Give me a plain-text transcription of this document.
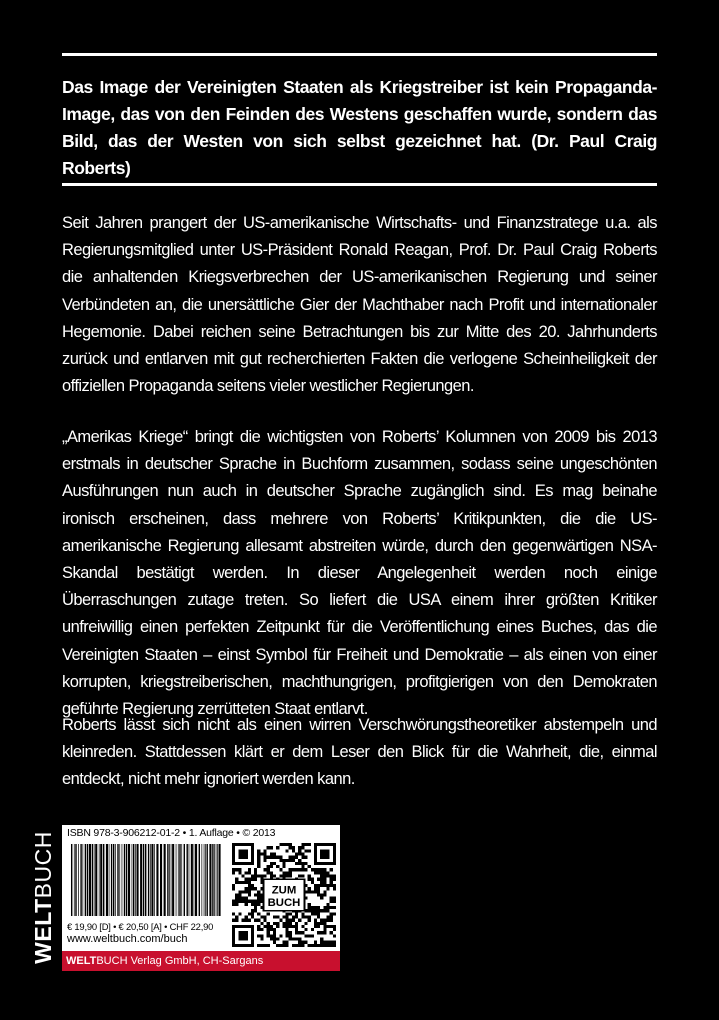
Das Image der Vereinigten Staaten als Kriegstreiber ist kein Propaganda-Image, das von den Feinden des Westens geschaffen wurde, sondern das Bild, das der Westen von sich selbst gezeichnet hat. (Dr. Paul Craig Roberts)
Seit Jahren prangert der US-amerikanische Wirtschafts- und Finanzstratege u.a. als Regierungsmitglied unter US-Präsident Ronald Reagan, Prof. Dr. Paul Craig Roberts die anhaltenden Kriegsverbrechen der US-amerikanischen Regierung und seiner Verbündeten an, die unersättliche Gier der Machthaber nach Profit und internationaler Hegemonie. Dabei reichen seine Betrachtungen bis zur Mitte des 20. Jahrhunderts zurück und entlarven mit gut recherchierten Fakten die verlogene Scheinheiligkeit der offiziellen Propaganda seitens vieler westlicher Regierungen.
„Amerikas Kriege“ bringt die wichtigsten von Roberts’ Kolumnen von 2009 bis 2013 erstmals in deutscher Sprache in Buchform zusammen, sodass seine ungeschönten Ausführungen nun auch in deutscher Sprache zugänglich sind. Es mag beinahe ironisch erscheinen, dass mehrere von Roberts’ Kritikpunkten, die die US-amerikanische Regierung allesamt abstreiten würde, durch den gegenwärtigen NSA-Skandal bestätigt werden. In dieser Angelegenheit werden noch einige Überraschungen zutage treten. So liefert die USA einem ihrer größten Kritiker unfreiwillig einen perfekten Zeitpunkt für die Veröffentlichung eines Buches, das die Vereinigten Staaten – einst Symbol für Freiheit und Demokratie – als einen von einer korrupten, kriegstreiberischen, machthungrigen, profitgierigen von den Demokraten geführte Regierung zerrütteten Staat entlarvt.
Roberts lässt sich nicht als einen wirren Verschwörungstheoretiker abstempeln und kleinreden. Stattdessen klärt er dem Leser den Blick für die Wahrheit, die, einmal entdeckt, nicht mehr ignoriert werden kann.
WELTBUCH ISBN 978-3-906212-01-2 • 1. Auflage • © 2013
€ 19,90 [D] • € 20,50 [A] • CHF 22,90
www.weltbuch.com/buch
ZUM
BUCH
WELTBUCH Verlag GmbH, CH-Sargans
